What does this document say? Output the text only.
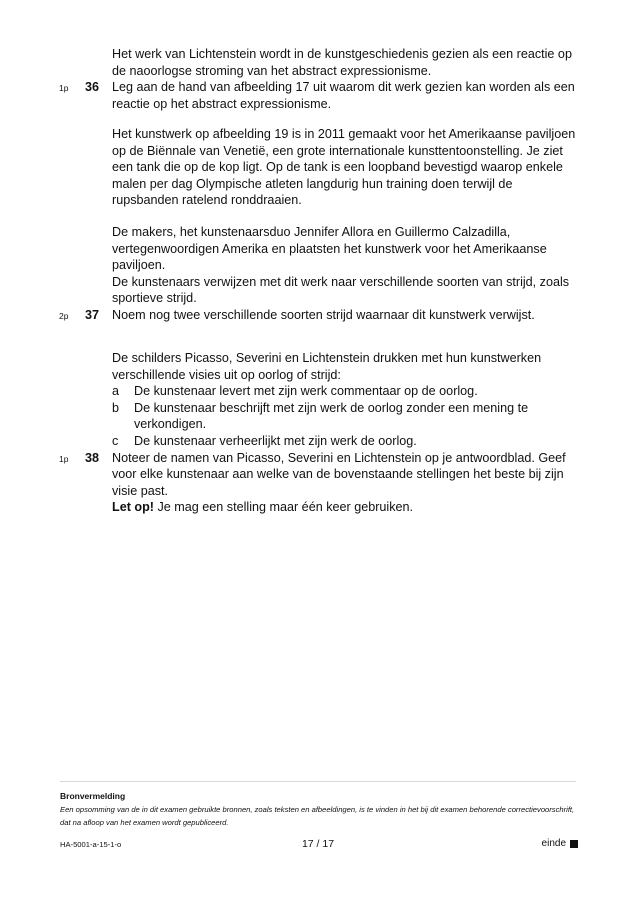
Het werk van Lichtenstein wordt in de kunstgeschiedenis gezien als een reactie op de naoorlogse stroming van het abstract expressionisme.

1p 36 Leg aan de hand van afbeelding 17 uit waarom dit werk gezien kan worden als een reactie op het abstract expressionisme.

Het kunstwerk op afbeelding 19 is in 2011 gemaakt voor het Amerikaanse paviljoen op de Biënnale van Venetië, een grote internationale kunsttentoonstelling. Je ziet een tank die op de kop ligt. Op de tank is een loopband bevestigd waarop enkele malen per dag Olympische atleten langdurig hun training doen terwijl de rupsbanden ratelend ronddraaien.

De makers, het kunstenaarsduo Jennifer Allora en Guillermo Calzadilla, vertegenwoordigen Amerika en plaatsten het kunstwerk voor het Amerikaanse paviljoen.

De kunstenaars verwijzen met dit werk naar verschillende soorten van strijd, zoals sportieve strijd.

2p 37 Noem nog twee verschillende soorten strijd waarnaar dit kunstwerk verwijst.

De schilders Picasso, Severini en Lichtenstein drukken met hun kunstwerken verschillende visies uit op oorlog of strijd:

a De kunstenaar levert met zijn werk commentaar op de oorlog.
b De kunstenaar beschrijft met zijn werk de oorlog zonder een mening te verkondigen.
c De kunstenaar verheerlijkt met zijn werk de oorlog.
1p 38 Noteer de namen van Picasso, Severini en Lichtenstein op je antwoordblad. Geef voor elke kunstenaar aan welke van de bovenstaande stellingen het beste bij zijn visie past.
Let op! Je mag een stelling maar één keer gebruiken.
Bronvermelding
Een opsomming van de in dit examen gebruikte bronnen, zoals teksten en afbeeldingen, is te vinden in het bij dit examen behorende correctievoorschrift, dat na afloop van het examen wordt gepubliceerd.
HA-5001-a-15-1-o	17 / 17	einde
